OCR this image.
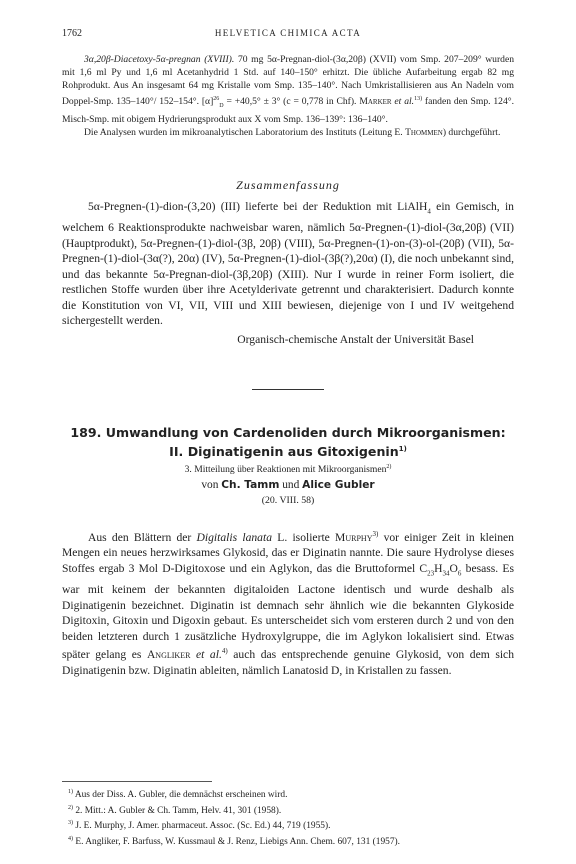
1762	HELVETICA CHIMICA ACTA

3α,20β-Diacetoxy-5α-pregnan (XVIII). 70 mg 5α-Pregnan-diol-(3α,20β) (XVII) vom Smp. 207–209° wurden mit 1,6 ml Py und 1,6 ml Acetanhydrid 1 Std. auf 140–150° erhitzt. Die übliche Aufarbeitung ergab 82 mg Rohprodukt. Aus An insgesamt 64 mg Kristalle vom Smp. 135–140°. Nach Umkristallisieren aus An Nadeln vom Doppel-Smp. 135–140°/ 152–154°. $[\alpha]^{26}_D = +40,5^\circ \pm 3^\circ$ (c = 0,778 in Chf). Marker et al.$^{13)}$ fanden den Smp. 124°. Misch-Smp. mit obigem Hydrierungsprodukt aux X vom Smp. 136–139°: 136–140°.

Die Analysen wurden im mikroanalytischen Laboratorium des Instituts (Leitung E. Thommen) durchgeführt.

Zusammenfassung

5α-Pregnen-(1)-dion-(3,20) (III) lieferte bei der Reduktion mit LiAlH$_4$ ein Gemisch, in welchem 6 Reaktionsprodukte nachweisbar waren, nämlich 5α-Pregnen-(1)-diol-(3α,20β) (VII) (Hauptprodukt), 5α-Pregnen-(1)-diol-(3β, 20β) (VIII), 5α-Pregnen-(1)-on-(3)-ol-(20β) (VII), 5α-Pregnen-(1)-diol-(3α(?), 20α) (IV), 5α-Pregnen-(1)-diol-(3β(?),20α) (I), die noch unbekannt sind, und das bekannte 5α-Pregnan-diol-(3β,20β) (XIII). Nur I wurde in reiner Form isoliert, die restlichen Stoffe wurden über ihre Acetylderivate getrennt und charakterisiert. Dadurch konnte die Konstitution von VI, VII, VIII und XIII bewiesen, diejenige von I und IV weitgehend sichergestellt werden.

Organisch-chemische Anstalt der Universität Basel
189. Umwandlung von Cardenoliden durch Mikroorganismen:
II. Diginatigenin aus Gitoxigenin$^{1)}$
3. Mitteilung über Reaktionen mit Mikroorganismen$^{2)}$
von Ch. Tamm und Alice Gubler
(20. VIII. 58)

Aus den Blättern der Digitalis lanata L. isolierte Murphy$^{3)}$ vor einiger Zeit in kleinen Mengen ein neues herzwirksames Glykosid, das er Diginatin nannte. Die saure Hydrolyse dieses Stoffes ergab 3 Mol D-Digitoxose und ein Aglykon, das die Bruttoformel $C_{23}H_{34}O_6$ besass. Es war mit keinem der bekannten digitaloiden Lactone identisch und wurde deshalb als Diginatigenin bezeichnet. Diginatin ist demnach sehr ähnlich wie die bekannten Glykoside Digitoxin, Gitoxin und Digoxin gebaut. Es unterscheidet sich vom ersteren durch 2 und von den beiden letzteren durch 1 zusätzliche Hydroxylgruppe, die im Aglykon lokalisiert sind. Etwas später gelang es Angliker et al.$^{4)}$ auch das entsprechende genuine Glykosid, von dem sich Diginatigenin bzw. Diginatin ableiten, nämlich Lanatosid D, in Kristallen zu fassen.

$^{1)}$ Aus der Diss. A. Gubler, die demnächst erscheinen wird.
$^{2)}$ 2. Mitt.: A. Gubler & Ch. Tamm, Helv. 41, 301 (1958).
$^{3)}$ J. E. Murphy, J. Amer. pharmaceut. Assoc. (Sc. Ed.) 44, 719 (1955).
$^{4)}$ E. Angliker, F. Barfuss, W. Kussmaul & J. Renz, Liebigs Ann. Chem. 607, 131 (1957).
